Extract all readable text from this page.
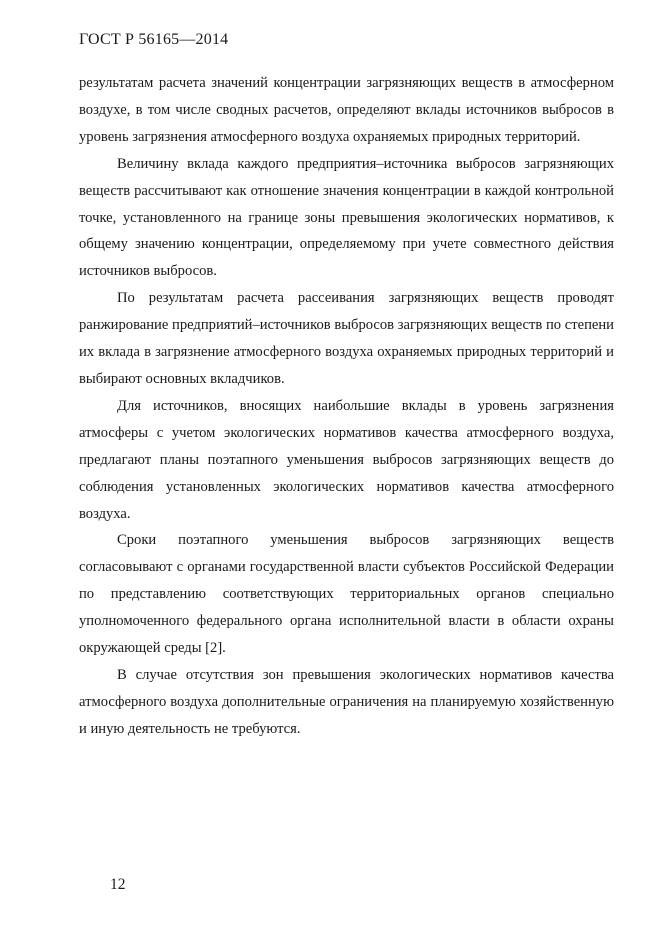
ГОСТ Р 56165—2014

результатам расчета значений концентрации загрязняющих веществ в атмосферном воздухе, в том числе сводных расчетов, определяют вклады источников выбросов в уровень загрязнения атмосферного воздуха охраняемых природных территорий.

Величину вклада каждого предприятия–источника выбросов загрязняющих веществ рассчитывают как отношение значения концентрации в каждой контрольной точке, установленного на границе зоны превышения экологических нормативов, к общему значению концентрации, определяемому при учете совместного действия источников выбросов.

По результатам расчета рассеивания загрязняющих веществ проводят ранжирование предприятий–источников выбросов загрязняющих веществ по степени их вклада в загрязнение атмосферного воздуха охраняемых природных территорий и выбирают основных вкладчиков.

Для источников, вносящих наибольшие вклады в уровень загрязнения атмосферы с учетом экологических нормативов качества атмосферного воздуха, предлагают планы поэтапного уменьшения выбросов загрязняющих веществ до соблюдения установленных экологических нормативов качества атмосферного воздуха.

Сроки поэтапного уменьшения выбросов загрязняющих веществ согласовывают с органами государственной власти субъектов Российской Федерации по представлению соответствующих территориальных органов специально уполномоченного федерального органа исполнительной власти в области охраны окружающей среды [2].

В случае отсутствия зон превышения экологических нормативов качества атмосферного воздуха дополнительные ограничения на планируемую хозяйственную и иную деятельность не требуются.

12
